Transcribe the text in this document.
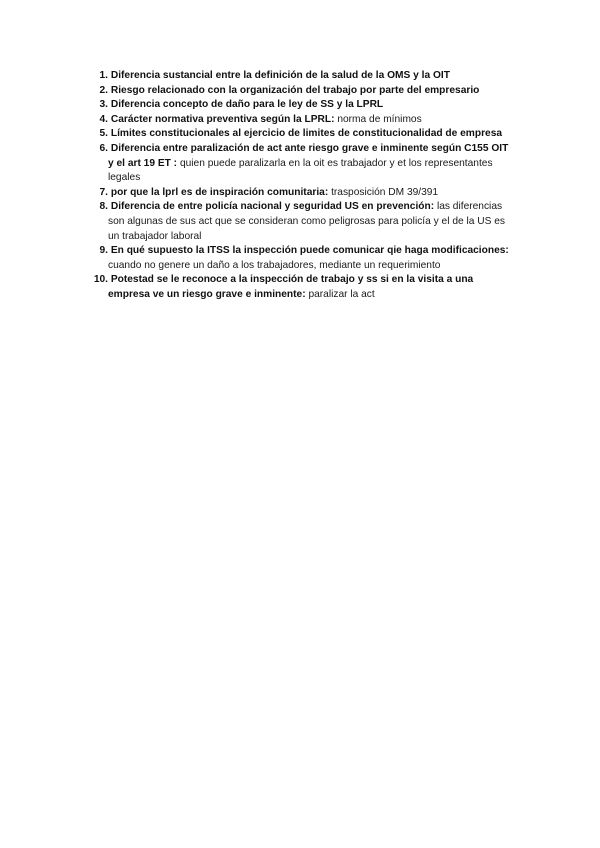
1. Diferencia sustancial entre la definición de la salud de la OMS y la OIT
2. Riesgo relacionado con la organización del trabajo por parte del empresario
3. Diferencia concepto de daño para le ley de SS y la LPRL
4. Carácter normativa preventiva según la LPRL: norma de mínimos
5. Límites constitucionales al ejercicio de limites de constitucionalidad de empresa
6. Diferencia entre paralización de act ante riesgo grave e inminente según C155 OIT y el art 19 ET : quien puede paralizarla en la oit es trabajador y et los representantes legales
7. por que la lprl es de inspiración comunitaria: trasposición DM 39/391
8. Diferencia de entre policía nacional y seguridad US en prevención: las diferencias son algunas de sus act que se consideran como peligrosas para policía y el de la US es un trabajador laboral
9. En qué supuesto la ITSS la inspección puede comunicar qie haga modificaciones: cuando no genere un daño a los trabajadores, mediante un requerimiento
10. Potestad se le reconoce a la inspección de trabajo y ss si en la visita a una empresa ve un riesgo grave e inminente: paralizar la act
